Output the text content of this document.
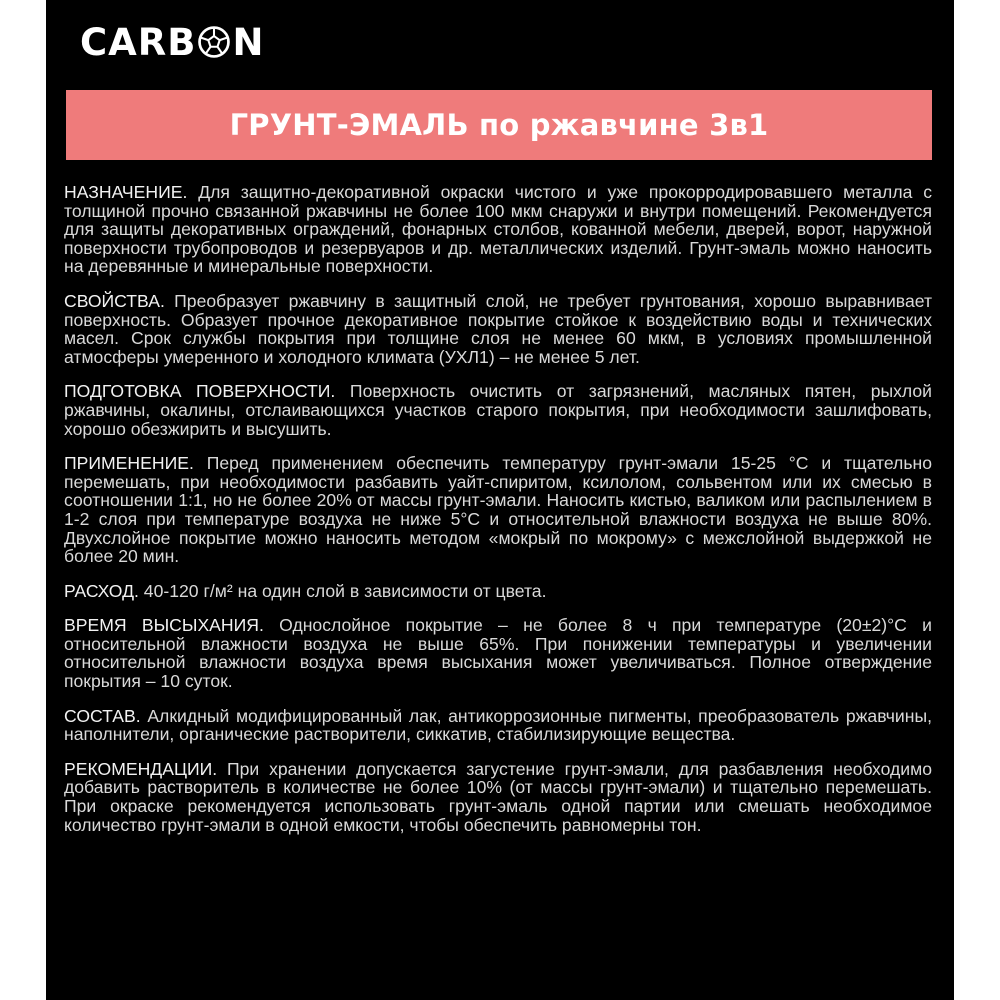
CARB N
ГРУНТ-ЭМАЛЬ по ржавчине 3в1

НАЗНАЧЕНИЕ. Для защитно-декоративной окраски чистого и уже прокорродировавшего металла с толщиной прочно связанной ржавчины не более 100 мкм снаружи и внутри помещений. Рекомендуется для защиты декоративных ограждений, фонарных столбов, кованной мебели, дверей, ворот, наружной поверхности трубопроводов и резервуаров и др. металлических изделий. Грунт-эмаль можно наносить на деревянные и минеральные поверхности.

СВОЙСТВА. Преобразует ржавчину в защитный слой, не требует грунтования, хорошо выравнивает поверхность. Образует прочное декоративное покрытие стойкое к воздействию воды и технических масел. Срок службы покрытия при толщине слоя не менее 60 мкм, в условиях промышленной атмосферы умеренного и холодного климата (УХЛ1) – не менее 5 лет.

ПОДГОТОВКА ПОВЕРХНОСТИ. Поверхность очистить от загрязнений, масляных пятен, рыхлой ржавчины, окалины, отслаивающихся участков старого покрытия, при необходимости зашлифовать, хорошо обезжирить и высушить.

ПРИМЕНЕНИЕ. Перед применением обеспечить температуру грунт-эмали 15-25 °С и тщательно перемешать, при необходимости разбавить уайт-спиритом, ксилолом, сольвентом или их смесью в соотношении 1:1, но не более 20% от массы грунт-эмали. Наносить кистью, валиком или распылением в 1-2 слоя при температуре воздуха не ниже 5°С и относительной влажности воздуха не выше 80%. Двухслойное покрытие можно наносить методом «мокрый по мокрому» с межслойной выдержкой не более 20 мин.

РАСХОД. 40-120 г/м² на один слой в зависимости от цвета.

ВРЕМЯ ВЫСЫХАНИЯ. Однослойное покрытие – не более 8 ч при температуре (20±2)°С и относительной влажности воздуха не выше 65%. При понижении температуры и увеличении относительной влажности воздуха время высыхания может увеличиваться. Полное отверждение покрытия – 10 суток.

СОСТАВ. Алкидный модифицированный лак, антикоррозионные пигменты, преобразователь ржавчины, наполнители, органические растворители, сиккатив, стабилизирующие вещества.

РЕКОМЕНДАЦИИ. При хранении допускается загустение грунт-эмали, для разбавления необходимо добавить растворитель в количестве не более 10% (от массы грунт-эмали) и тщательно перемешать. При окраске рекомендуется использовать грунт-эмаль одной партии или смешать необходимое количество грунт-эмали в одной емкости, чтобы обеспечить равномерны тон.
